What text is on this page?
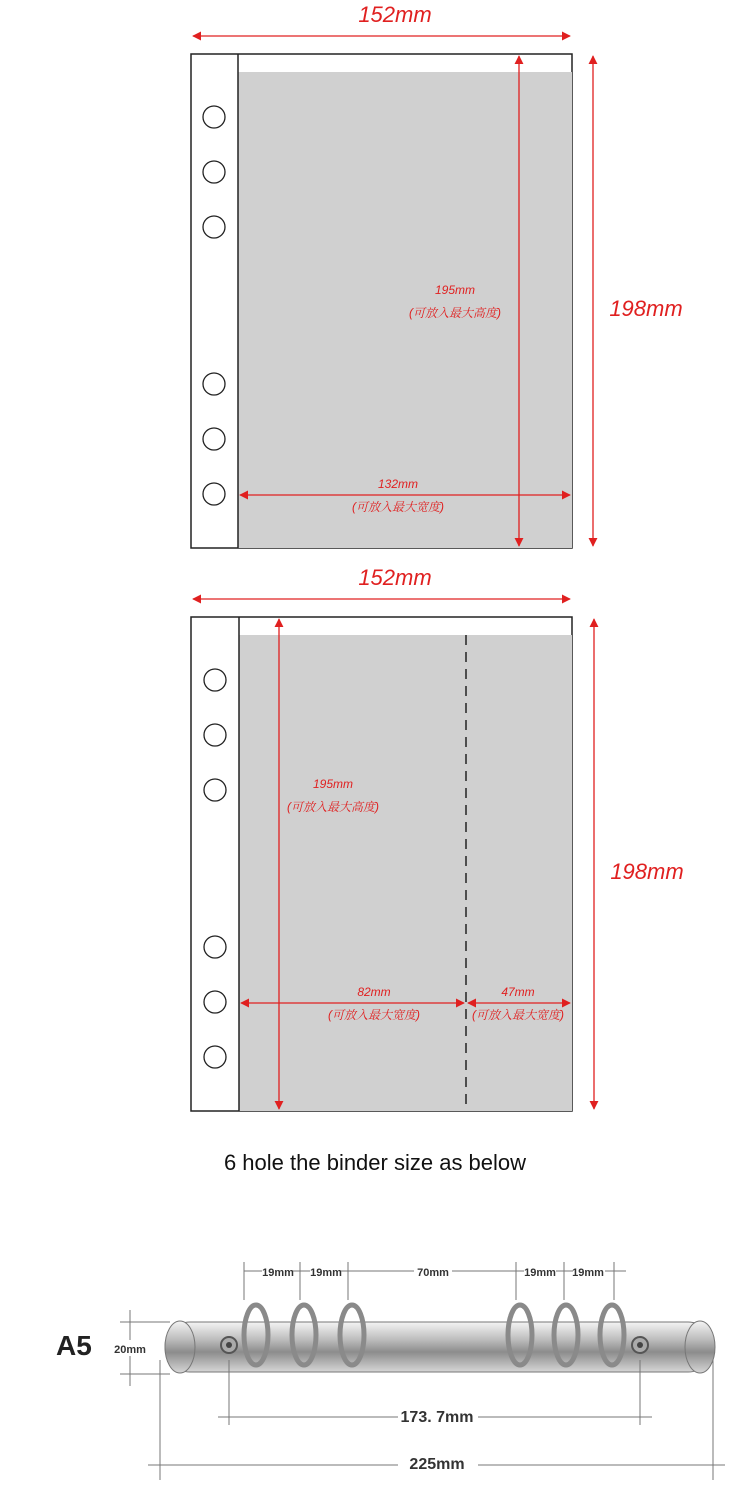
152mm
198mm
195mm
(可放入最大高度)
132mm
(可放入最大宽度)
152mm
198mm
195mm
(可放入最大高度)
82mm
(可放入最大宽度)
47mm
(可放入最大宽度)
19mm 19mm	70mm	19mm 19mm
20mm
173. 7mm
225mm
6 hole the binder size as below
A5
